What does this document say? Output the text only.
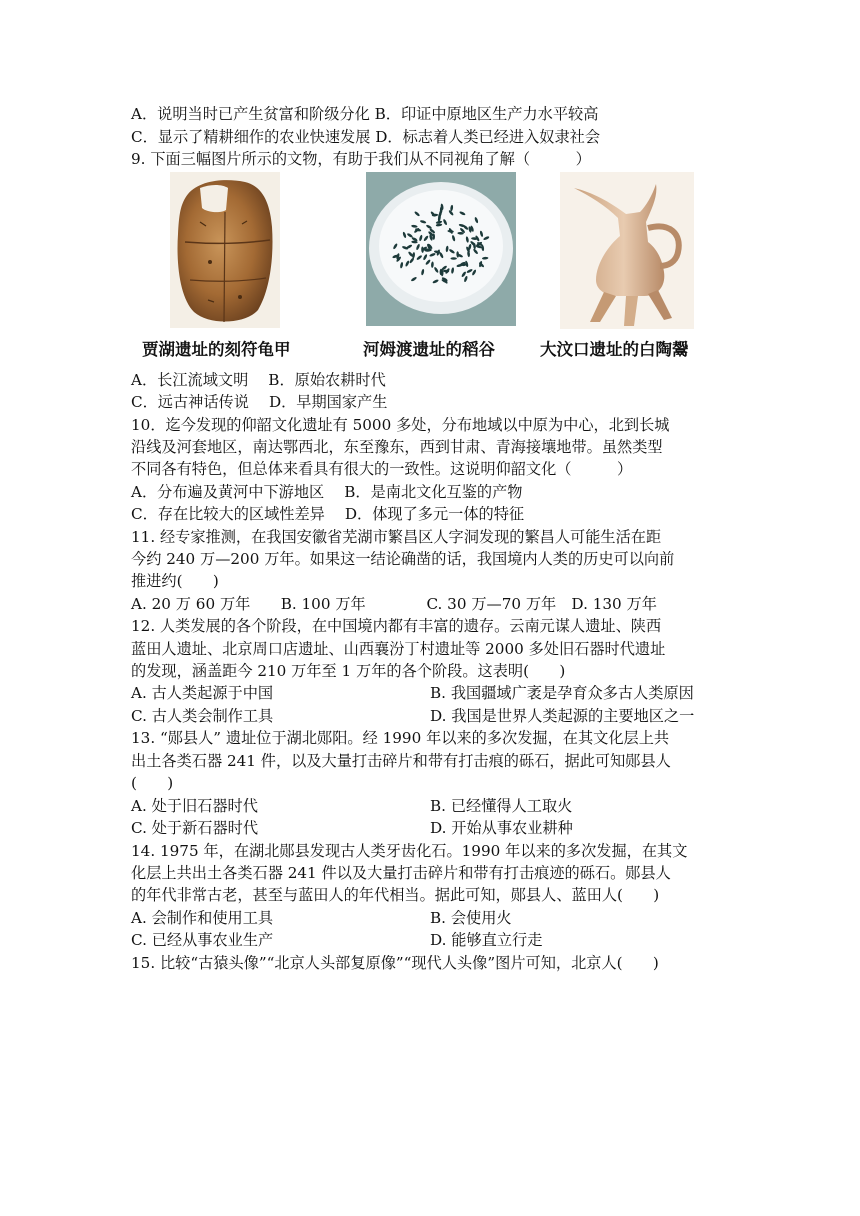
A．说明当时已产生贫富和阶级分化 B．印证中原地区生产力水平较高
C．显示了精耕细作的农业快速发展 D．标志着人类已经进入奴隶社会
9. 下面三幅图片所示的文物，有助于我们从不同视角了解（　　　）
贾湖遗址的刻符龟甲	河姆渡遗址的稻谷	大汶口遗址的白陶鬶
A．长江流域文明　 B．原始农耕时代
C．远古神话传说　 D．早期国家产生
10．迄今发现的仰韶文化遗址有 5000 多处，分布地域以中原为中心，北到长城
沿线及河套地区，南达鄂西北，东至豫东，西到甘肃、青海接壤地带。虽然类型
不同各有特色，但总体来看具有很大的一致性。这说明仰韶文化（　　　）
A．分布遍及黄河中下游地区　 B．是南北文化互鉴的产物
C．存在比较大的区域性差异　 D．体现了多元一体的特征
11. 经专家推测，在我国安徽省芜湖市繁昌区人字洞发现的繁昌人可能生活在距
今约 240 万—200 万年。如果这一结论确凿的话，我国境内人类的历史可以向前
推进约(　　)
A. 20 万 60 万年　　B. 100 万年　　　　C. 30 万—70 万年　D. 130 万年
12. 人类发展的各个阶段，在中国境内都有丰富的遗存。云南元谋人遗址、陕西
蓝田人遗址、北京周口店遗址、山西襄汾丁村遗址等 2000 多处旧石器时代遗址
的发现，涵盖距今 210 万年至 1 万年的各个阶段。这表明(　　)
A. 古人类起源于中国	B. 我国疆域广袤是孕育众多古人类原因
C. 古人类会制作工具	D. 我国是世界人类起源的主要地区之一
13. “郧县人” 遗址位于湖北郧阳。经 1990 年以来的多次发掘，在其文化层上共
出土各类石器 241 件，以及大量打击碎片和带有打击痕的砾石，据此可知郧县人
(　　)
A. 处于旧石器时代	B. 已经懂得人工取火
C. 处于新石器时代	D. 开始从事农业耕种
14. 1975 年，在湖北郧县发现古人类牙齿化石。1990 年以来的多次发掘，在其文
化层上共出土各类石器 241 件以及大量打击碎片和带有打击痕迹的砾石。郧县人
的年代非常古老，甚至与蓝田人的年代相当。据此可知，郧县人、蓝田人(　　)
A. 会制作和使用工具	B. 会使用火
C. 已经从事农业生产	D. 能够直立行走
15. 比较“古猿头像”“北京人头部复原像”“现代人头像”图片可知，北京人(　　)
